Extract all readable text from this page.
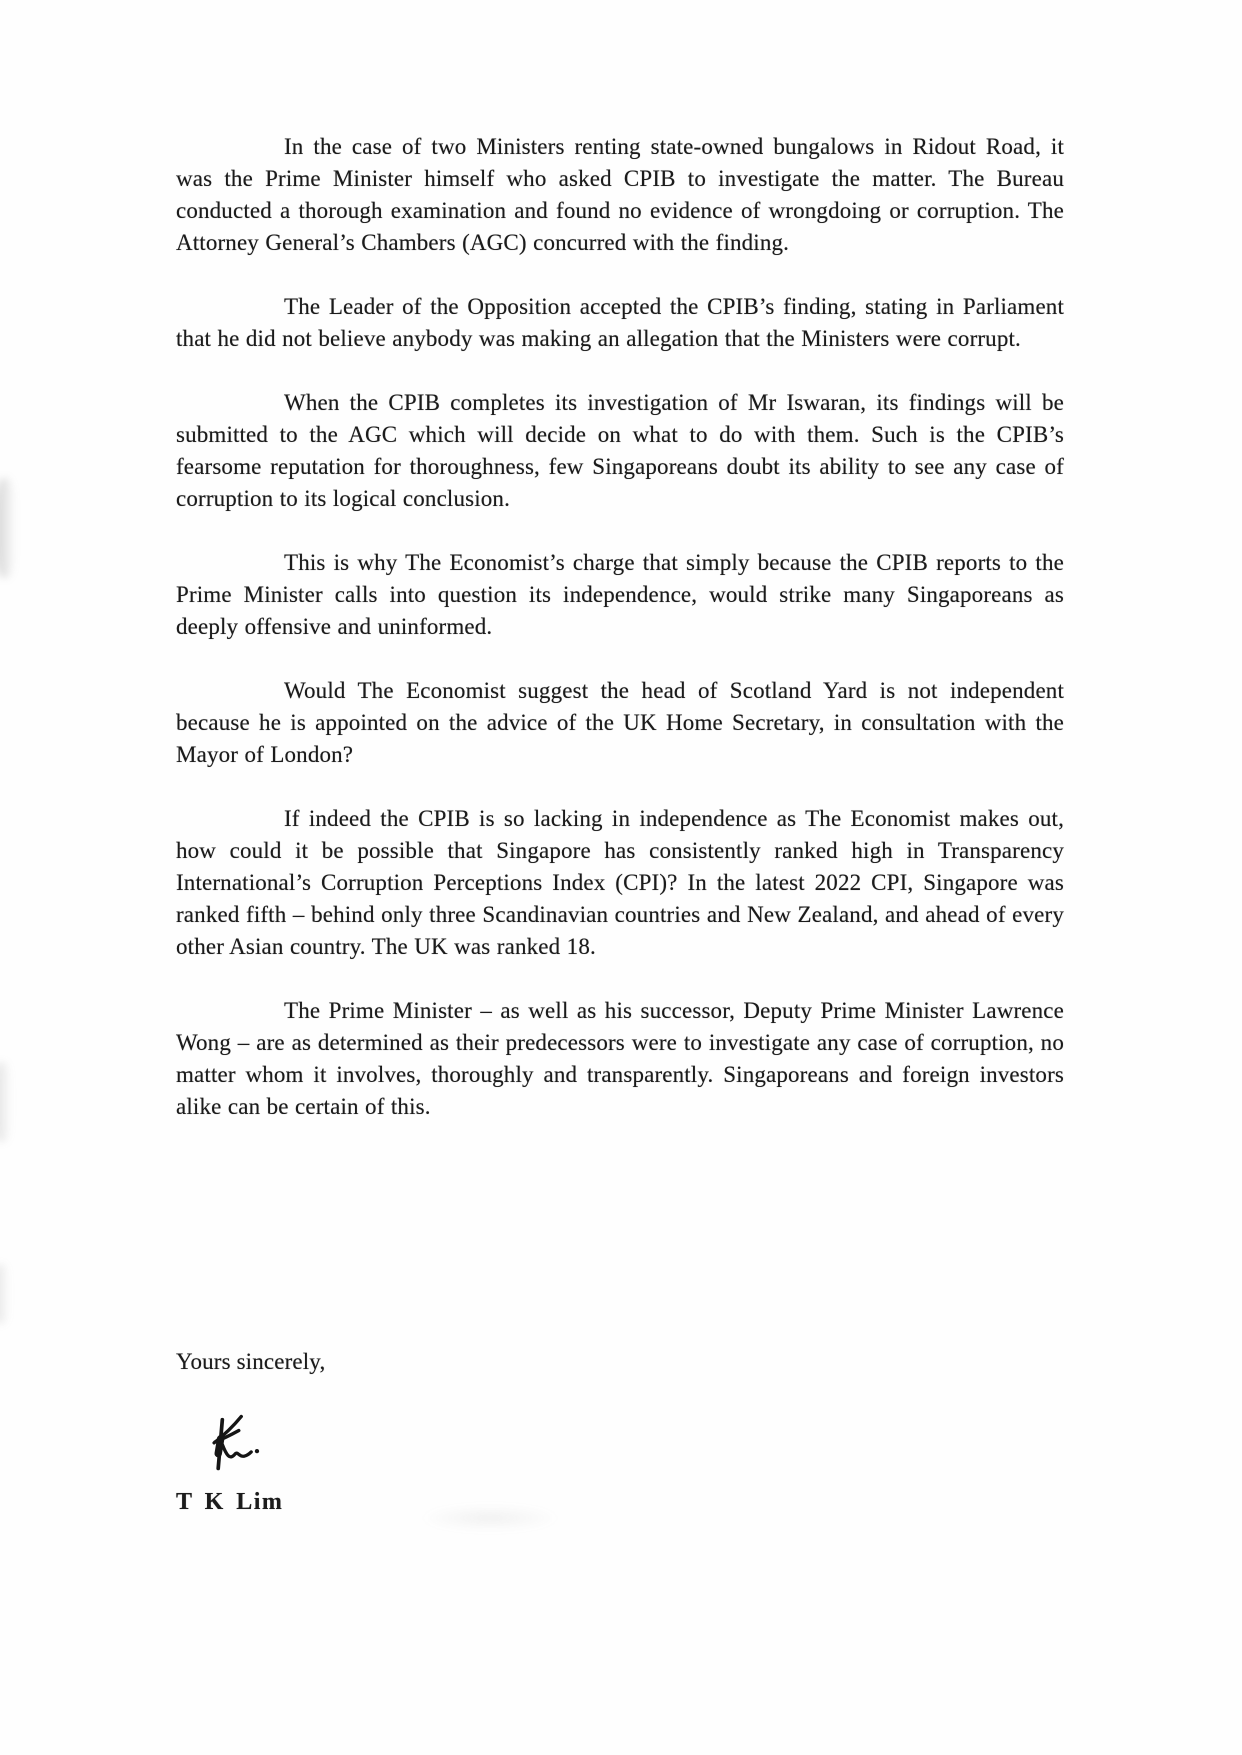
In the case of two Ministers renting state-owned bungalows in Ridout Road, it was the Prime Minister himself who asked CPIB to investigate the matter. The Bureau conducted a thorough examination and found no evidence of wrongdoing or corruption. The Attorney General’s Chambers (AGC) concurred with the finding.

The Leader of the Opposition accepted the CPIB’s finding, stating in Parliament that he did not believe anybody was making an allegation that the Ministers were corrupt.

When the CPIB completes its investigation of Mr Iswaran, its findings will be submitted to the AGC which will decide on what to do with them. Such is the CPIB’s fearsome reputation for thoroughness, few Singaporeans doubt its ability to see any case of corruption to its logical conclusion.

This is why The Economist’s charge that simply because the CPIB reports to the Prime Minister calls into question its independence, would strike many Singaporeans as deeply offensive and uninformed.

Would The Economist suggest the head of Scotland Yard is not independent because he is appointed on the advice of the UK Home Secretary, in consultation with the Mayor of London?

If indeed the CPIB is so lacking in independence as The Economist makes out, how could it be possible that Singapore has consistently ranked high in Transparency International’s Corruption Perceptions Index (CPI)? In the latest 2022 CPI, Singapore was ranked fifth – behind only three Scandinavian countries and New Zealand, and ahead of every other Asian country. The UK was ranked 18.

The Prime Minister – as well as his successor, Deputy Prime Minister Lawrence Wong – are as determined as their predecessors were to investigate any case of corruption, no matter whom it involves, thoroughly and transparently. Singaporeans and foreign investors alike can be certain of this.

Yours sincerely,
T K Lim
